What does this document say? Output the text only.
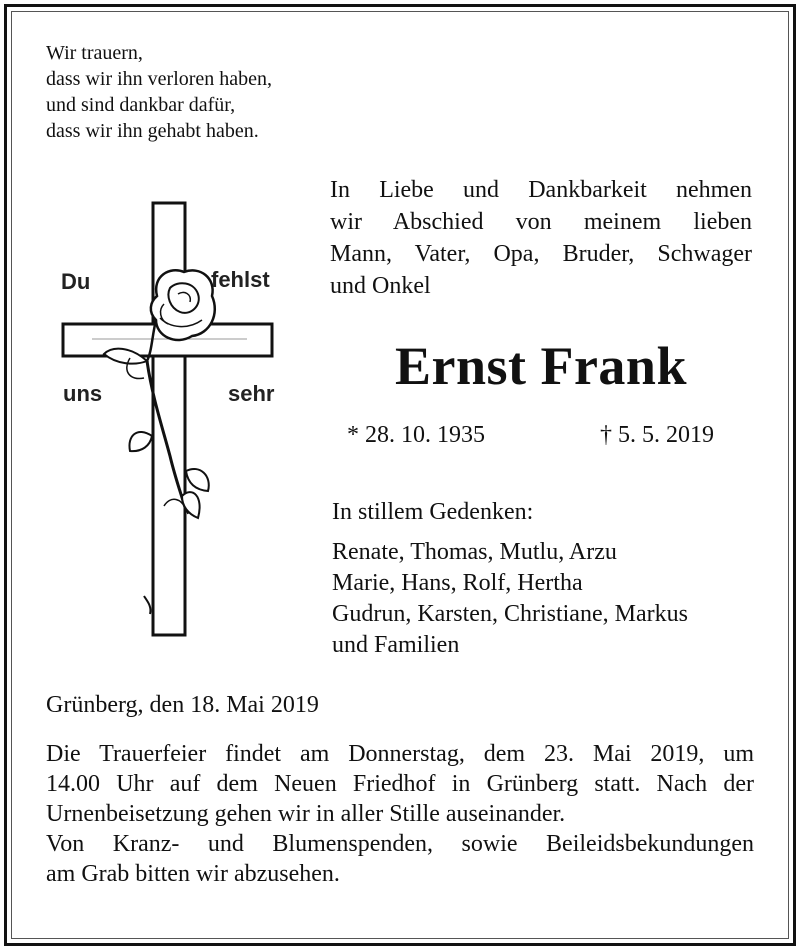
Wir trauern,
dass wir ihn verloren haben,
und sind dankbar dafür,
dass wir ihn gehabt haben.
Du	fehlst
uns	sehr
In Liebe und Dankbarkeit nehmen
wir Abschied von meinem lieben
Mann, Vater, Opa, Bruder, Schwager
und Onkel
Ernst Frank
* 28. 10. 1935	† 5. 5. 2019
In stillem Gedenken:
Renate, Thomas, Mutlu, Arzu
Marie, Hans, Rolf, Hertha
Gudrun, Karsten, Christiane, Markus
und Familien
Grünberg, den 18. Mai 2019
Die Trauerfeier findet am Donnerstag, dem 23. Mai 2019, um
14.00 Uhr auf dem Neuen Friedhof in Grünberg statt. Nach der
Urnenbeisetzung gehen wir in aller Stille auseinander.
Von Kranz- und Blumenspenden, sowie Beileidsbekundungen
am Grab bitten wir abzusehen.
